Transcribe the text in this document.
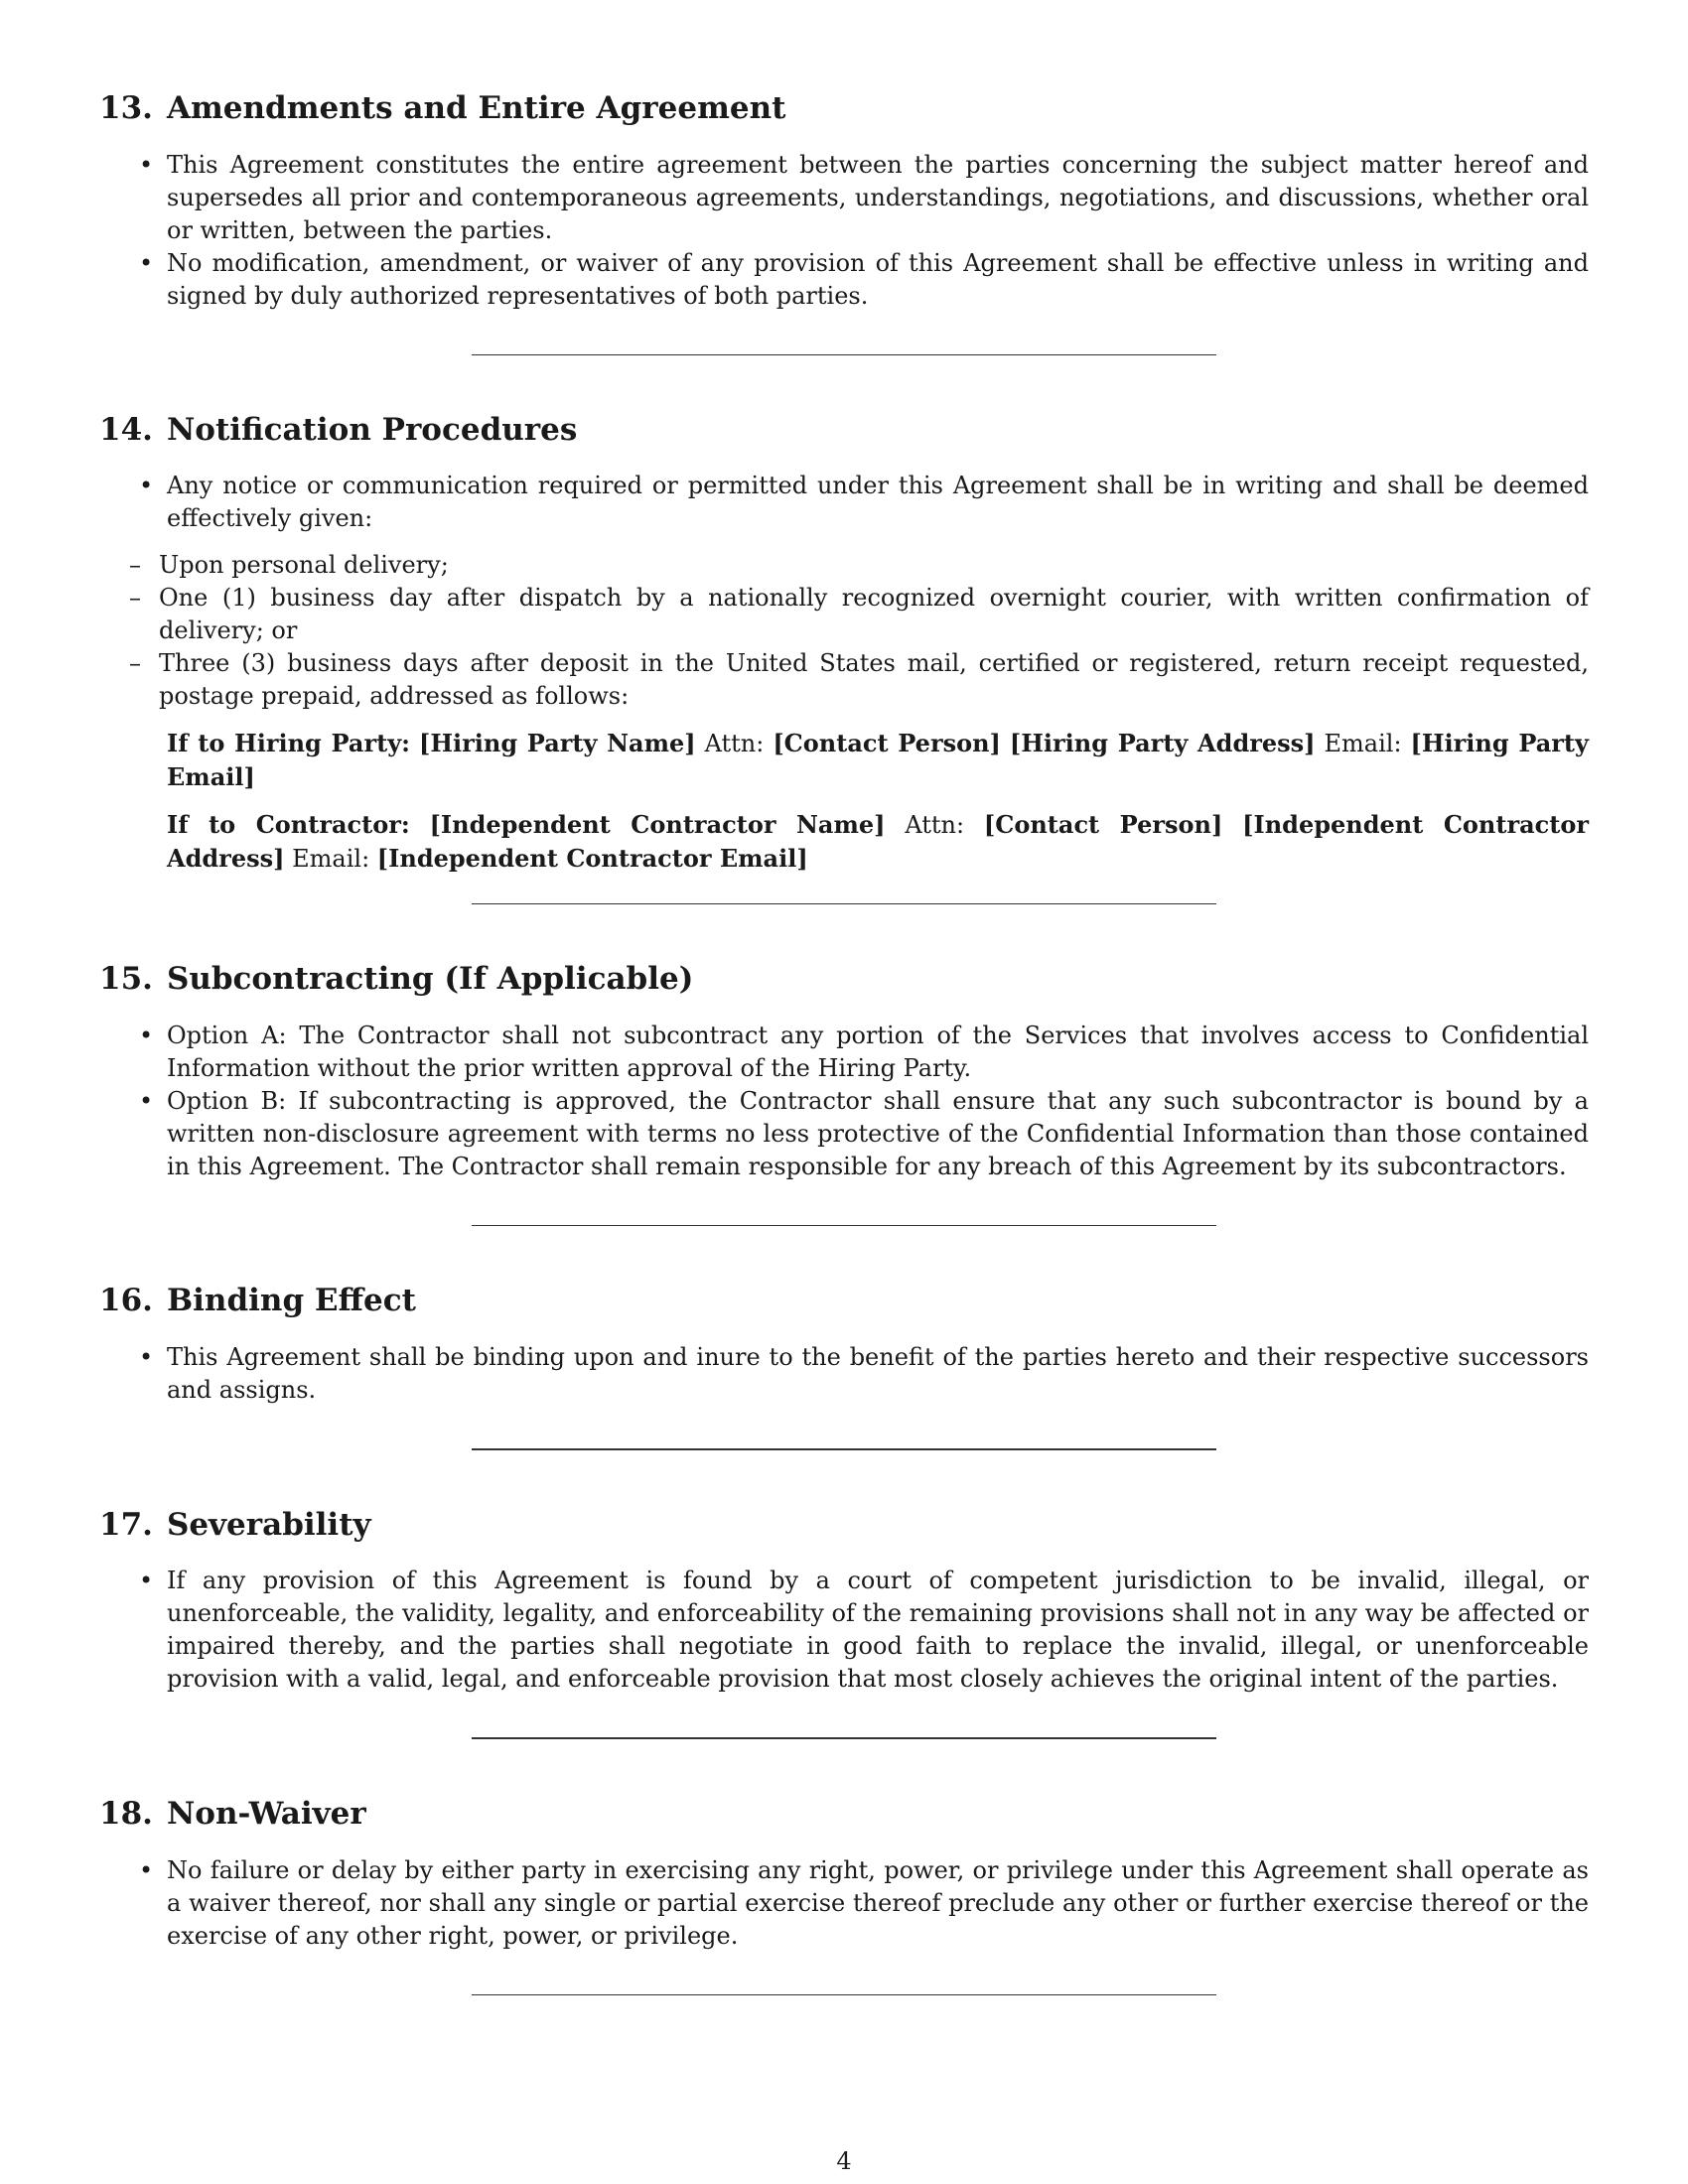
13. Amendments and Entire Agreement
• This Agreement constitutes the entire agreement between the parties concerning the subject matter hereof and supersedes all prior and contemporaneous agreements, understandings, negotiations, and discussions, whether oral or written, between the parties.
• No modification, amendment, or waiver of any provision of this Agreement shall be effective unless in writing and signed by duly authorized representatives of both parties.
14. Notification Procedures
• Any notice or communication required or permitted under this Agreement shall be in writing and shall be deemed effectively given:
– Upon personal delivery;
– One (1) business day after dispatch by a nationally recognized overnight courier, with written confirmation of delivery; or
– Three (3) business days after deposit in the United States mail, certified or registered, return receipt requested, postage prepaid, addressed as follows:

If to Hiring Party: [Hiring Party Name] Attn: [Contact Person] [Hiring Party Address] Email: [Hiring Party Email]

If to Contractor: [Independent Contractor Name] Attn: [Contact Person] [Independent Contractor Address] Email: [Independent Contractor Email]

15. Subcontracting (If Applicable)
• Option A: The Contractor shall not subcontract any portion of the Services that involves access to Confidential Information without the prior written approval of the Hiring Party.
• Option B: If subcontracting is approved, the Contractor shall ensure that any such subcontractor is bound by a written non-disclosure agreement with terms no less protective of the Confidential Information than those contained in this Agreement. The Contractor shall remain responsible for any breach of this Agreement by its subcontractors.
16. Binding Effect
• This Agreement shall be binding upon and inure to the benefit of the parties hereto and their respective successors and assigns.
17. Severability
• If any provision of this Agreement is found by a court of competent jurisdiction to be invalid, illegal, or unenforceable, the validity, legality, and enforceability of the remaining provisions shall not in any way be affected or impaired thereby, and the parties shall negotiate in good faith to replace the invalid, illegal, or unenforceable provision with a valid, legal, and enforceable provision that most closely achieves the original intent of the parties.
18. Non-Waiver
• No failure or delay by either party in exercising any right, power, or privilege under this Agreement shall operate as a waiver thereof, nor shall any single or partial exercise thereof preclude any other or further exercise thereof or the exercise of any other right, power, or privilege.
4
